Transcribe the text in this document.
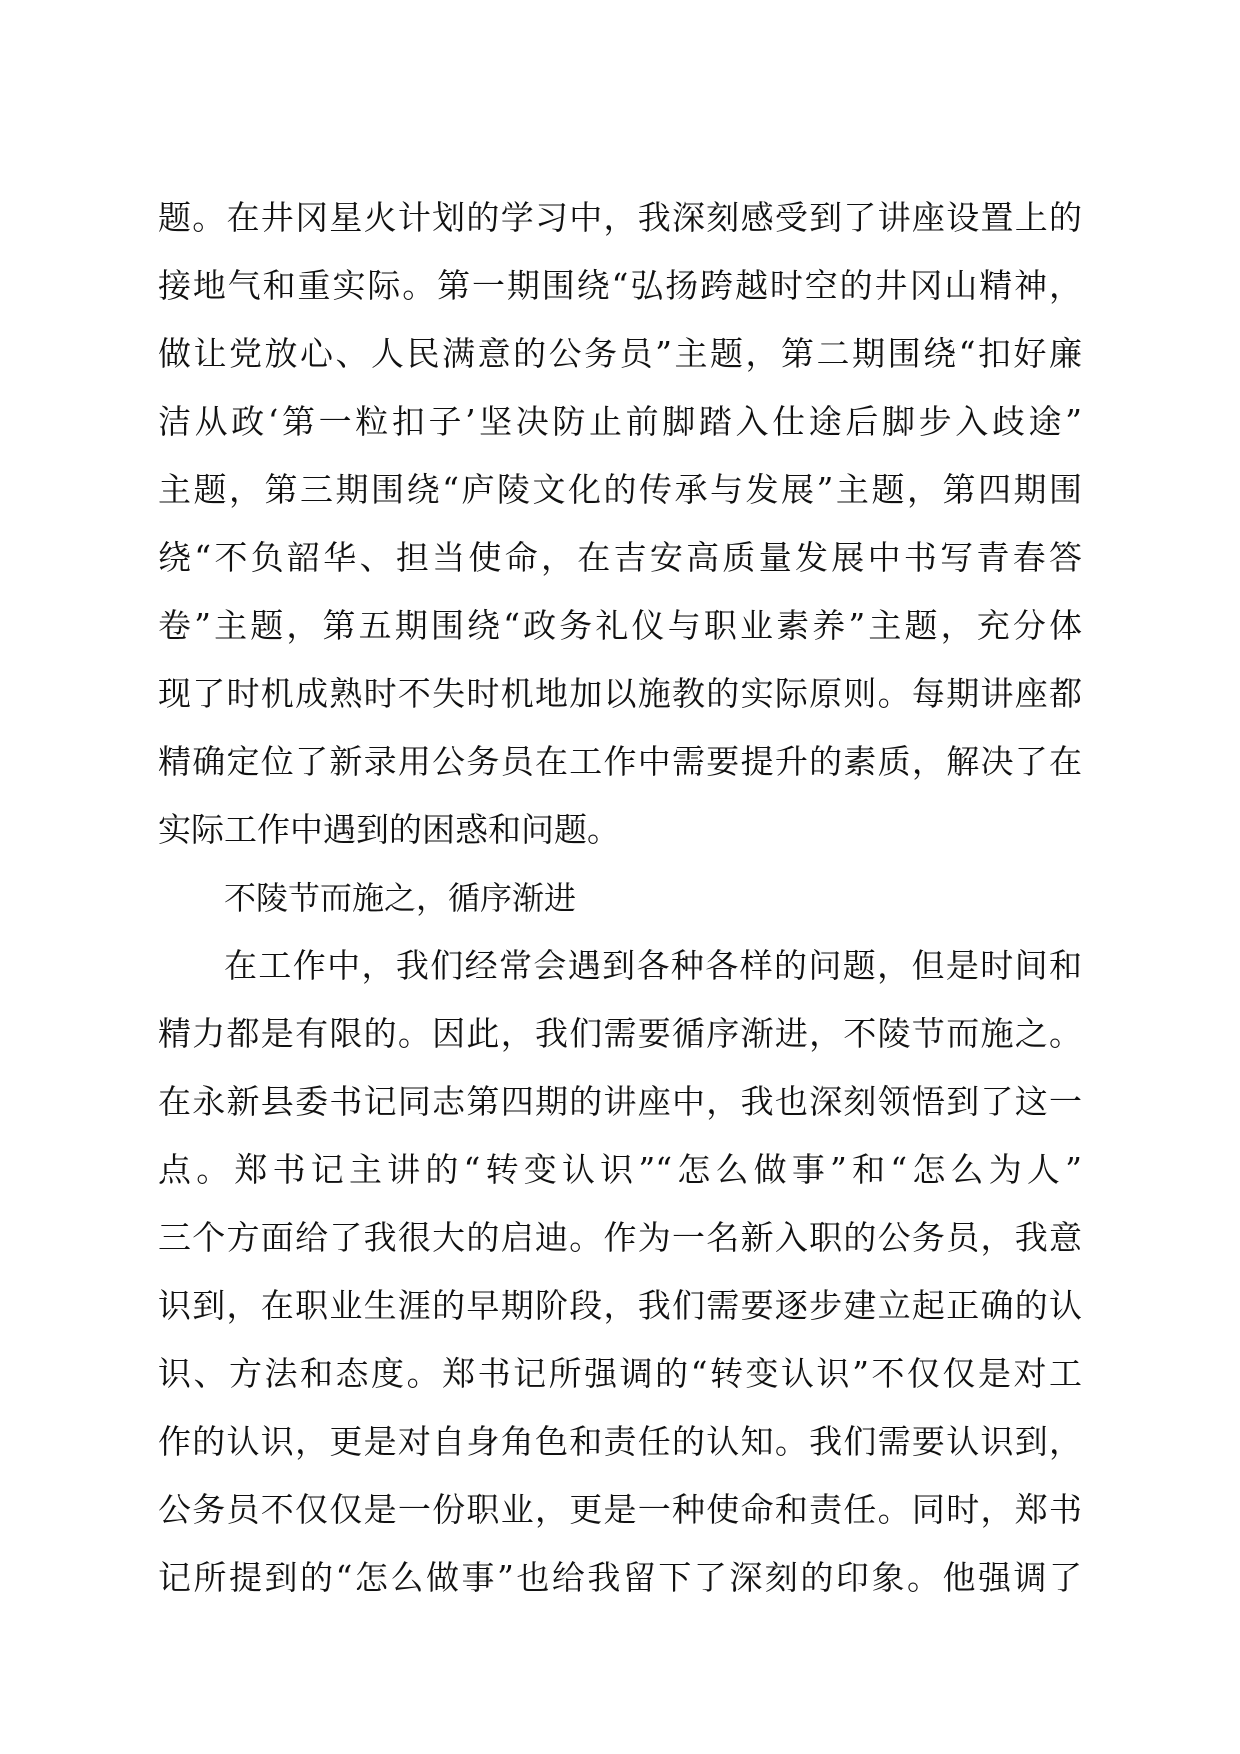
题。在井冈星火计划的学习中，我深刻感受到了讲座设置上的
接地气和重实际。第一期围绕“弘扬跨越时空的井冈山精神，
做让党放心、人民满意的公务员”主题，第二期围绕“扣好廉
洁从政‘第一粒扣子’坚决防止前脚踏入仕途后脚步入歧途”
主题，第三期围绕“庐陵文化的传承与发展”主题，第四期围
绕“不负韶华、担当使命，在吉安高质量发展中书写青春答
卷”主题，第五期围绕“政务礼仪与职业素养”主题，充分体
现了时机成熟时不失时机地加以施教的实际原则。每期讲座都
精确定位了新录用公务员在工作中需要提升的素质，解决了在
实际工作中遇到的困惑和问题。
不陵节而施之，循序渐进
在工作中，我们经常会遇到各种各样的问题，但是时间和
精力都是有限的。因此，我们需要循序渐进，不陵节而施之。
在永新县委书记同志第四期的讲座中，我也深刻领悟到了这一
点。郑书记主讲的“转变认识”“怎么做事”和“怎么为人”
三个方面给了我很大的启迪。作为一名新入职的公务员，我意
识到，在职业生涯的早期阶段，我们需要逐步建立起正确的认
识、方法和态度。郑书记所强调的“转变认识”不仅仅是对工
作的认识，更是对自身角色和责任的认知。我们需要认识到，
公务员不仅仅是一份职业，更是一种使命和责任。同时，郑书
记所提到的“怎么做事”也给我留下了深刻的印象。他强调了
